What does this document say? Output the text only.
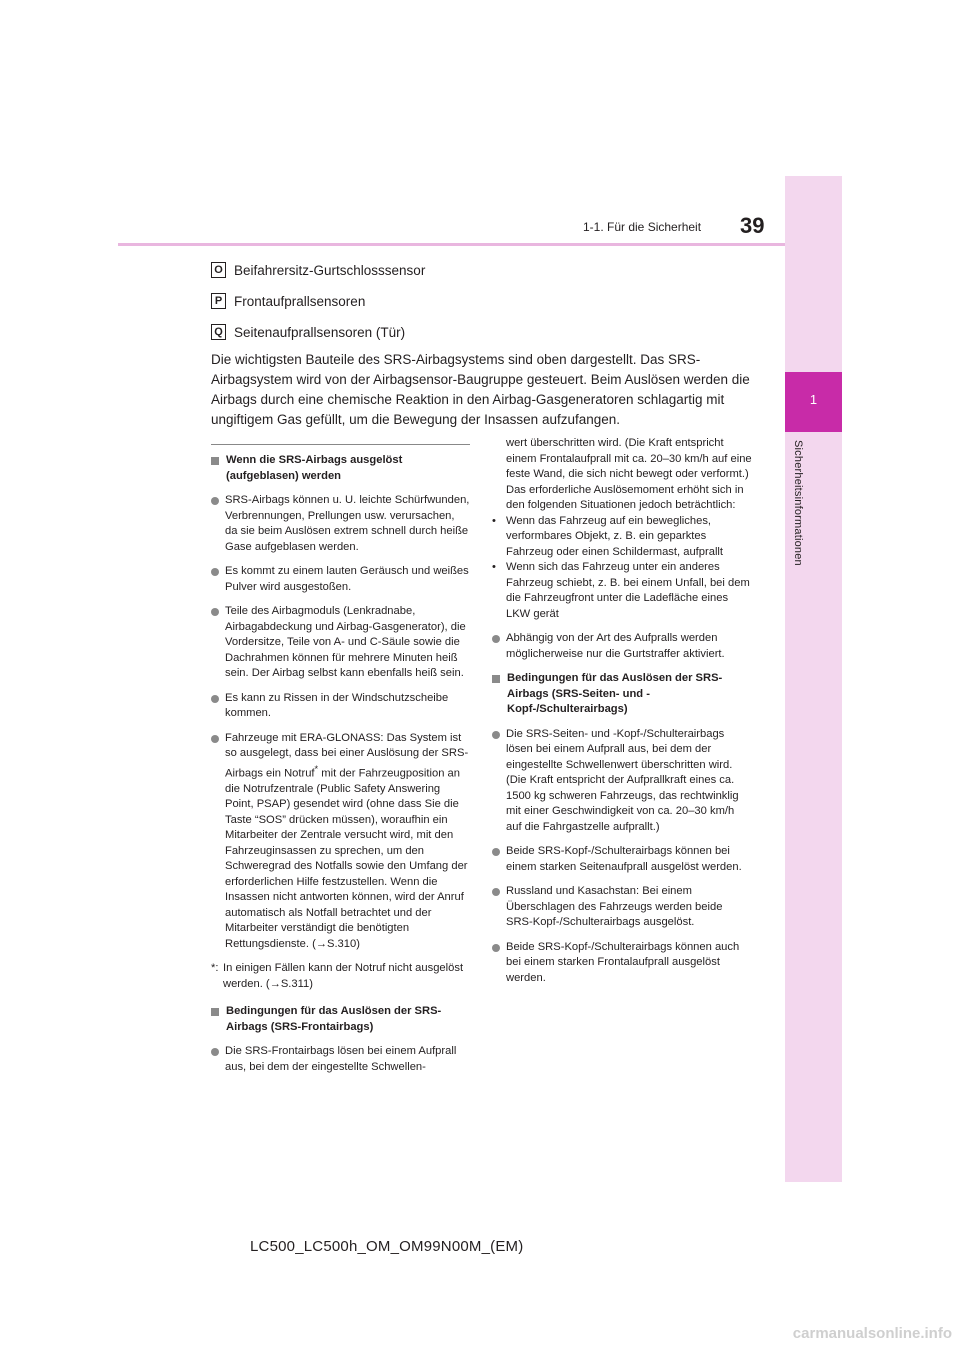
1
Sicherheitsinformationen
1-1. Für die Sicherheit 39
O Beifahrersitz-Gurtschlosssensor
P Frontaufprallsensoren
Q Seitenaufprallsensoren (Tür)

Die wichtigsten Bauteile des SRS-Airbagsystems sind oben dargestellt. Das SRS-Airbagsystem wird von der Airbagsensor-Baugruppe gesteuert. Beim Auslösen werden die Airbags durch eine chemische Reaktion in den Airbag-Gasgeneratoren schlagartig mit ungiftigem Gas gefüllt, um die Bewegung der Insassen aufzufangen.

Wenn die SRS-Airbags ausgelöst (aufgeblasen) werden
SRS-Airbags können u. U. leichte Schürfwunden, Verbrennungen, Prellungen usw. verursachen, da sie beim Auslösen extrem schnell durch heiße Gase aufgeblasen werden.
Es kommt zu einem lauten Geräusch und weißes Pulver wird ausgestoßen.
Teile des Airbagmoduls (Lenkradnabe, Airbagabdeckung und Airbag-Gasgenerator), die Vordersitze, Teile von A- und C-Säule sowie die Dachrahmen können für mehrere Minuten heiß sein. Der Airbag selbst kann ebenfalls heiß sein.
Es kann zu Rissen in der Windschutzscheibe kommen.
Fahrzeuge mit ERA-GLONASS: Das System ist so ausgelegt, dass bei einer Auslösung der SRS-Airbags ein Notruf* mit der Fahrzeugposition an die Notrufzentrale (Public Safety Answering Point, PSAP) gesendet wird (ohne dass Sie die Taste “SOS” drücken müssen), woraufhin ein Mitarbeiter der Zentrale versucht wird, mit den Fahrzeuginsassen zu sprechen, um den Schweregrad des Notfalls sowie den Umfang der erforderlichen Hilfe festzustellen. Wenn die Insassen nicht antworten können, wird der Anruf automatisch als Notfall betrachtet und der Mitarbeiter verständigt die benötigten Rettungsdienste. (→S.310)
*: In einigen Fällen kann der Notruf nicht ausgelöst werden. (→S.311)
Bedingungen für das Auslösen der SRS-Airbags (SRS-Frontairbags)
Die SRS-Frontairbags lösen bei einem Aufprall aus, bei dem der eingestellte Schwellen-
wert überschritten wird. (Die Kraft entspricht einem Frontalaufprall mit ca. 20–30 km/h auf eine feste Wand, die sich nicht bewegt oder verformt.)
Das erforderliche Auslösemoment erhöht sich in den folgenden Situationen jedoch beträchtlich:
• Wenn das Fahrzeug auf ein bewegliches, verformbares Objekt, z. B. ein geparktes Fahrzeug oder einen Schildermast, aufprallt
• Wenn sich das Fahrzeug unter ein anderes Fahrzeug schiebt, z. B. bei einem Unfall, bei dem die Fahrzeugfront unter die Ladefläche eines LKW gerät
Abhängig von der Art des Aufpralls werden möglicherweise nur die Gurtstraffer aktiviert.
Bedingungen für das Auslösen der SRS-Airbags (SRS-Seiten- und -Kopf-/Schulterairbags)
Die SRS-Seiten- und -Kopf-/Schulterairbags lösen bei einem Aufprall aus, bei dem der eingestellte Schwellenwert überschritten wird. (Die Kraft entspricht der Aufprallkraft eines ca. 1500 kg schweren Fahrzeugs, das rechtwinklig mit einer Geschwindigkeit von ca. 20–30 km/h auf die Fahrgastzelle aufprallt.)
Beide SRS-Kopf-/Schulterairbags können bei einem starken Seitenaufprall ausgelöst werden.
Russland und Kasachstan: Bei einem Überschlagen des Fahrzeugs werden beide SRS-Kopf-/Schulterairbags ausgelöst.
Beide SRS-Kopf-/Schulterairbags können auch bei einem starken Frontalaufprall ausgelöst werden.
LC500_LC500h_OM_OM99N00M_(EM)
carmanualsonline.info
